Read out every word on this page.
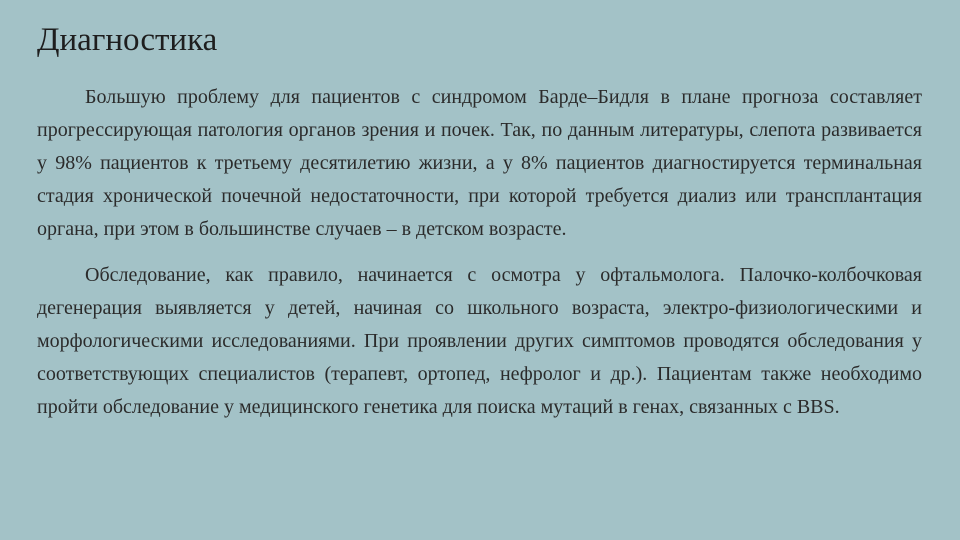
Диагностика

Большую проблему для пациентов с синдромом Барде–Бидля в плане прогноза составляет прогрессирующая патология органов зрения и почек. Так, по данным литературы, слепота развивается у 98% пациентов к третьему десятилетию жизни, а у 8% пациентов диагностируется терминальная стадия хронической почечной недостаточности, при которой требуется диализ или трансплантация органа, при этом в большинстве случаев – в детском возрасте.

Обследование, как правило, начинается с осмотра у офтальмолога. Палочко-колбочковая дегенерация выявляется у детей, начиная со школьного возраста, электро-физиологическими и морфологическими исследованиями. При проявлении других симптомов проводятся обследования у соответствующих специалистов (терапевт, ортопед, нефролог и др.). Пациентам также необходимо пройти обследование у медицинского генетика для поиска мутаций в генах, связанных с BBS.
